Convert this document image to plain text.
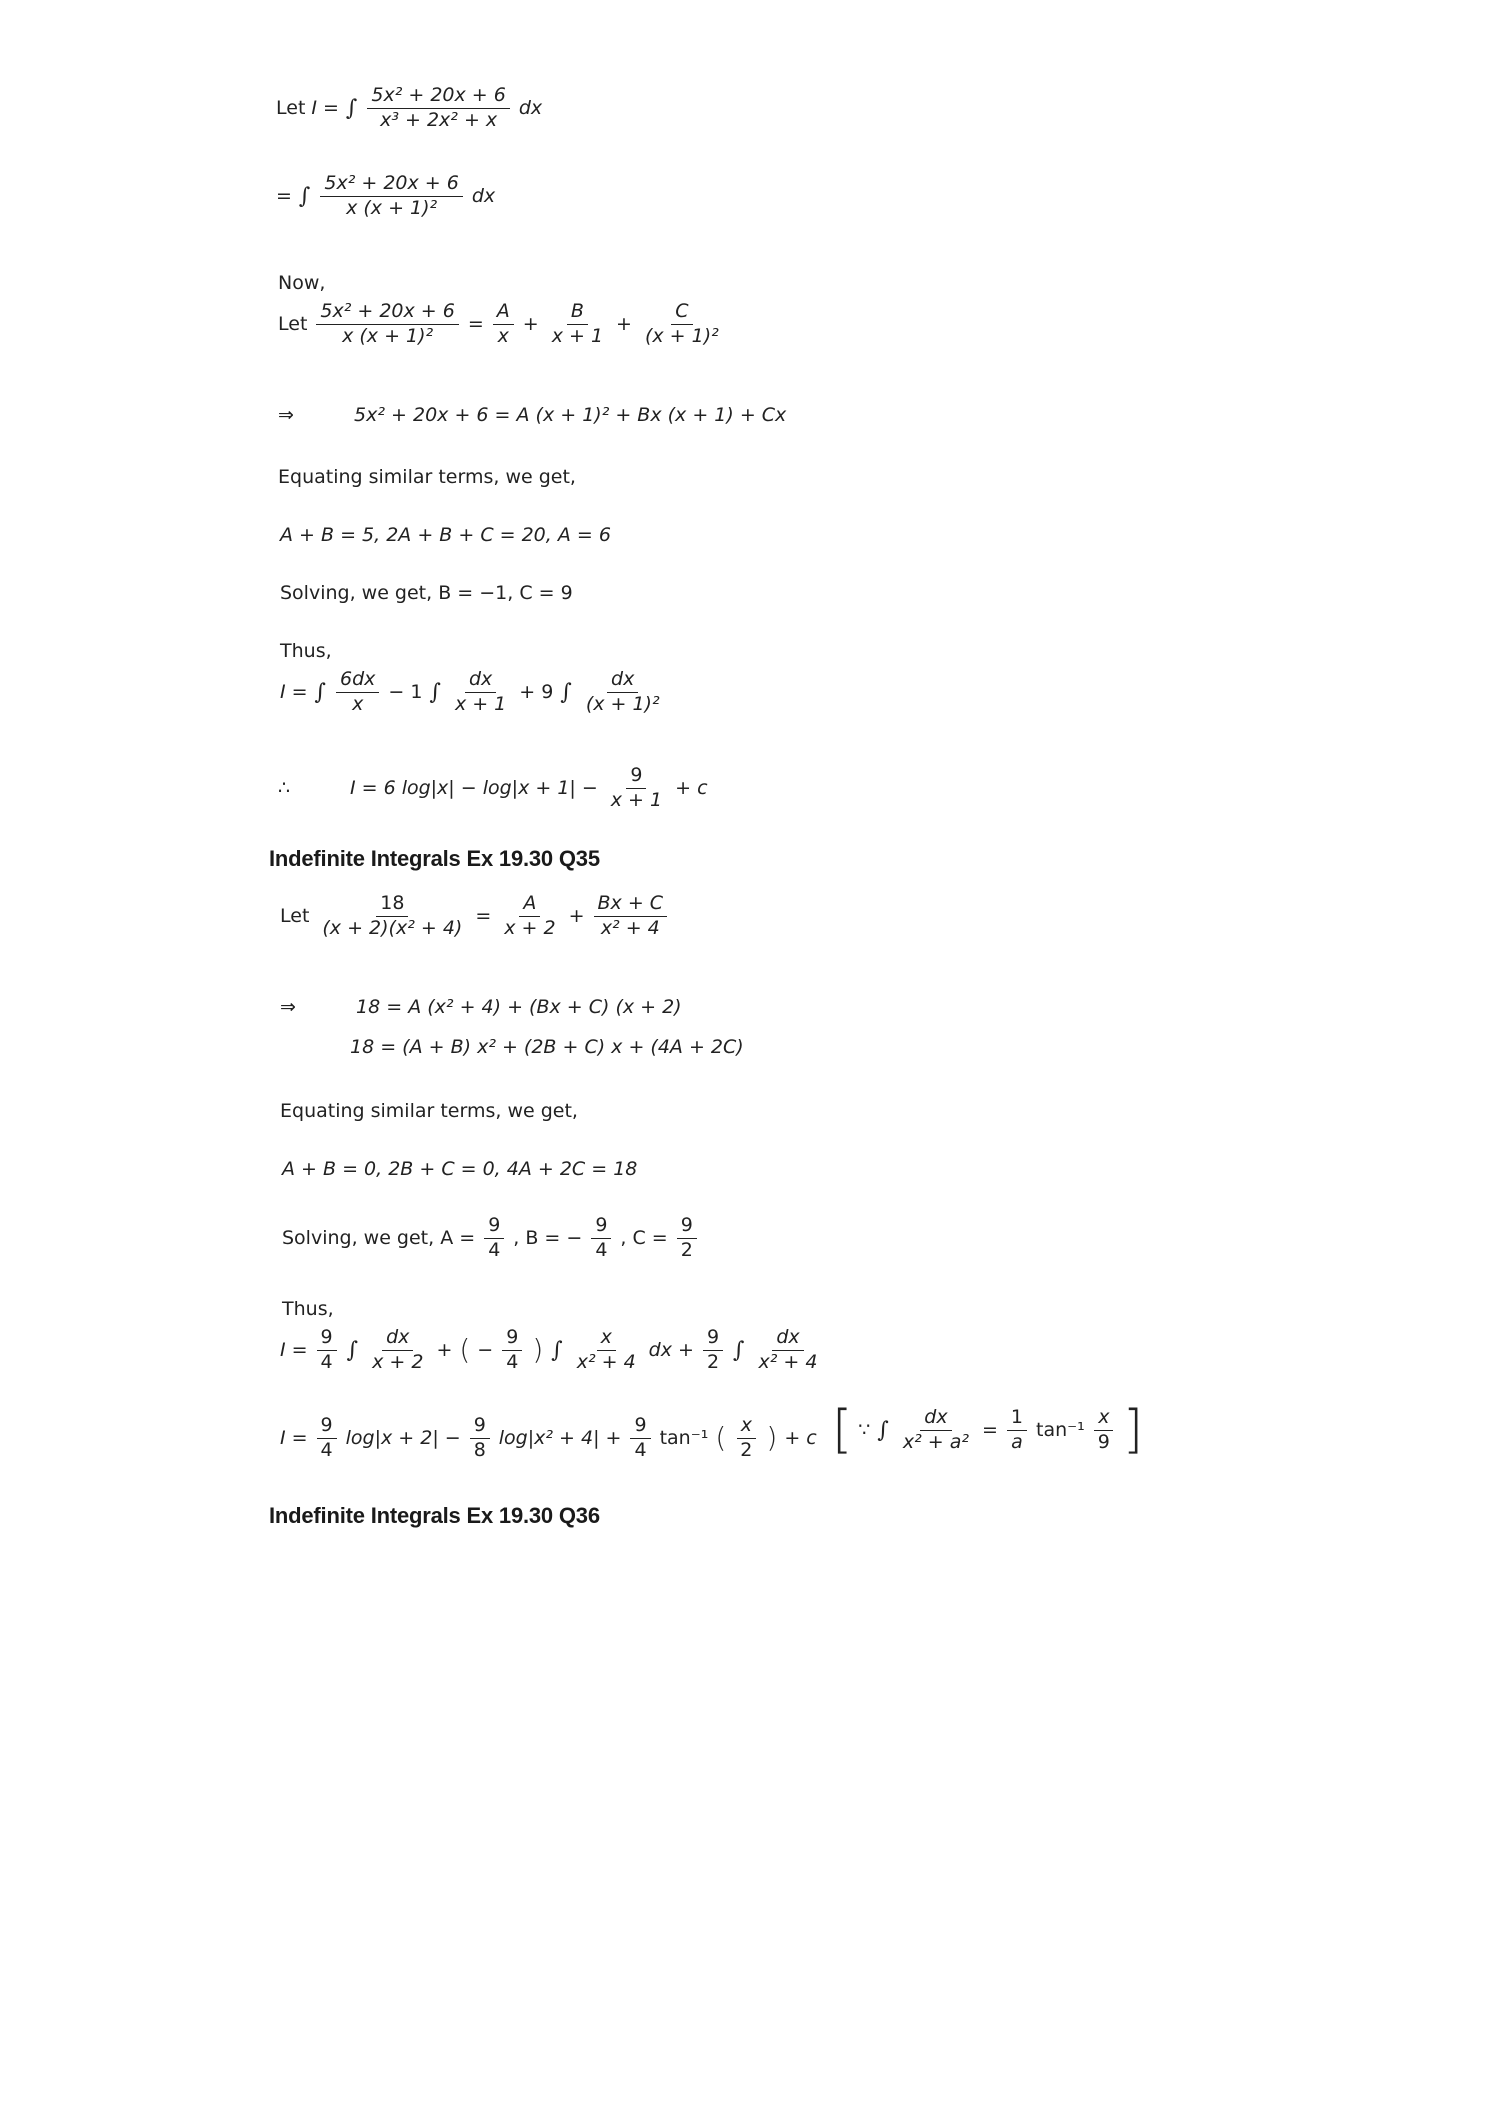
Let I = ∫ $\frac{\text{5x² + 20x + 6}}{\text{x³ + 2x² + x}}$ dx
= ∫ $\frac{\text{5x² + 20x + 6}}{\text{x (x + 1)²}}$ dx
Now,
Let $\frac{\text{5x² + 20x + 6}}{\text{x (x + 1)²}} = \frac{A}{x} + \frac{B}{x + 1} + \frac{C}{\text{(x + 1)²}}$
⇒	5x² + 20x + 6 = A (x + 1)² + Bx (x + 1) + Cx
Equating similar terms, we get,
A + B = 5, 2A + B + C = 20, A = 6
Solving, we get, B = −1, C = 9
Thus,
I = ∫ $\frac{6dx}{x} - 1$ ∫ $\frac{dx}{x + 1} + 9$ ∫ $\frac{dx}{\text{(x + 1)²}}$
∴	I = 6 $\log|x| - \log|x + 1| - \frac{9}{x + 1} + c$
Indefinite Integrals Ex 19.30 Q35
Let $\frac{18}{\text{(x + 2)(x² + 4)}} = \frac{A}{x + 2} + \frac{Bx + C}{\text{x² + 4}}$
⇒	18 = A (x² + 4) + (Bx + C) (x + 2)
18 = (A + B) x² + (2B + C) x + (4A + 2C)
Equating similar terms, we get,
A + B = 0, 2B + C = 0, 4A + 2C = 18
Solving, we get, $A = \frac{9}{4}$ , B = − $\frac{9}{4}$ , $C = \frac{9}{2}$
Thus,
$I = \frac{9}{4}$ ∫ $\frac{dx}{x + 2}$ + ( − $\frac{9}{4}$ ) ∫ $\frac{x}{\text{x² + 4}}$ dx + $\frac{9}{2}$ ∫ $\frac{dx}{\text{x² + 4}}$
$I = \frac{9}{4} \log|x + 2| - \frac{9}{8} \log|x^2 + 4| + \frac{9}{4} \tan^{-1}$ ( $\frac{x}{2}$ ) + c [ ∵ ∫ $\frac{dx}{\text{x² + a²}} = \frac{1}{a} \tan^{-1} \frac{x}{9}$ ]
Indefinite Integrals Ex 19.30 Q36
